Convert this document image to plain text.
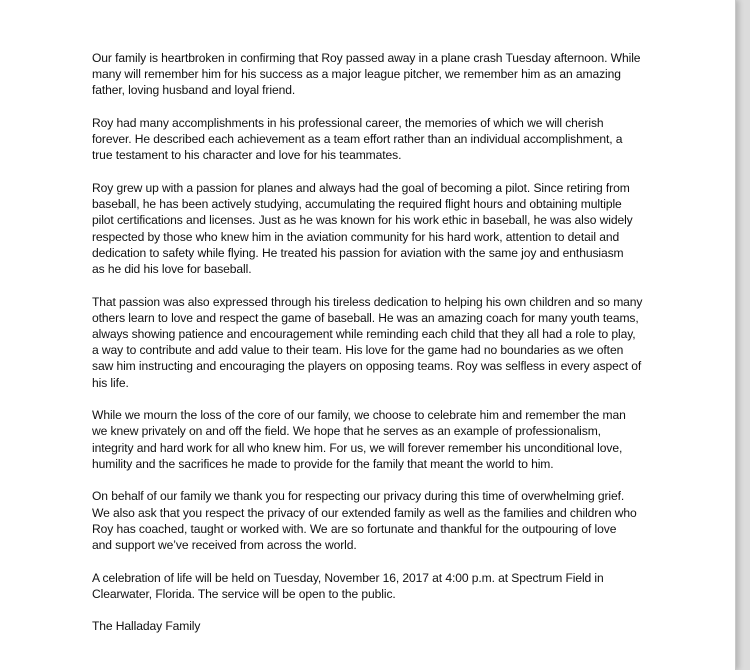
Our family is heartbroken in confirming that Roy passed away in a plane crash Tuesday afternoon. While
many will remember him for his success as a major league pitcher, we remember him as an amazing
father, loving husband and loyal friend.

Roy had many accomplishments in his professional career, the memories of which we will cherish
forever. He described each achievement as a team effort rather than an individual accomplishment, a
true testament to his character and love for his teammates.

Roy grew up with a passion for planes and always had the goal of becoming a pilot. Since retiring from
baseball, he has been actively studying, accumulating the required flight hours and obtaining multiple
pilot certifications and licenses. Just as he was known for his work ethic in baseball, he was also widely
respected by those who knew him in the aviation community for his hard work, attention to detail and
dedication to safety while flying. He treated his passion for aviation with the same joy and enthusiasm
as he did his love for baseball.

That passion was also expressed through his tireless dedication to helping his own children and so many
others learn to love and respect the game of baseball. He was an amazing coach for many youth teams,
always showing patience and encouragement while reminding each child that they all had a role to play,
a way to contribute and add value to their team. His love for the game had no boundaries as we often
saw him instructing and encouraging the players on opposing teams. Roy was selfless in every aspect of
his life.

While we mourn the loss of the core of our family, we choose to celebrate him and remember the man
we knew privately on and off the field. We hope that he serves as an example of professionalism,
integrity and hard work for all who knew him. For us, we will forever remember his unconditional love,
humility and the sacrifices he made to provide for the family that meant the world to him.

On behalf of our family we thank you for respecting our privacy during this time of overwhelming grief.
We also ask that you respect the privacy of our extended family as well as the families and children who
Roy has coached, taught or worked with. We are so fortunate and thankful for the outpouring of love
and support we’ve received from across the world.

A celebration of life will be held on Tuesday, November 16, 2017 at 4:00 p.m. at Spectrum Field in
Clearwater, Florida. The service will be open to the public.

The Halladay Family
